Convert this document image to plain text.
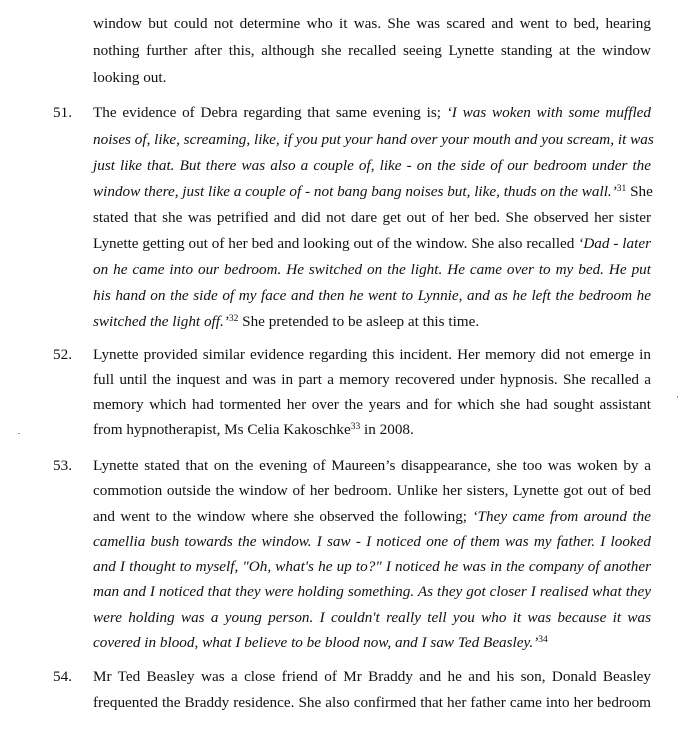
window but could not determine who it was. She was scared and went to bed, hearing
nothing further after this, although she recalled seeing Lynette standing at the window
looking out.
51. The evidence of Debra regarding that same evening is; ‘I was woken with some muffled
noises of, like, screaming, like, if you put your hand over your mouth and you scream, it was
just like that. But there was also a couple of, like - on the side of our bedroom under the
window there, just like a couple of - not bang bang noises but, like, thuds on the wall.’$^{31}$ She
stated that she was petrified and did not dare get out of her bed. She observed her sister
Lynette getting out of her bed and looking out of the window. She also recalled ‘Dad - later
on he came into our bedroom. He switched on the light. He came over to my bed. He put
his hand on the side of my face and then he went to Lynnie, and as he left the bedroom he
switched the light off.’$^{32}$ She pretended to be asleep at this time.
52. Lynette provided similar evidence regarding this incident. Her memory did not emerge in
full until the inquest and was in part a memory recovered under hypnosis. She recalled a
memory which had tormented her over the years and for which she had sought assistant
from hypnotherapist, Ms Celia Kakoschke$^{33}$ in 2008.
53. Lynette stated that on the evening of Maureen’s disappearance, she too was woken by a
commotion outside the window of her bedroom. Unlike her sisters, Lynette got out of bed
and went to the window where she observed the following; ‘They came from around the
camellia bush towards the window. I saw - I noticed one of them was my father. I looked
and I thought to myself, "Oh, what's he up to?" I noticed he was in the company of another
man and I noticed that they were holding something. As they got closer I realised what they
were holding was a young person. I couldn't really tell you who it was because it was
covered in blood, what I believe to be blood now, and I saw Ted Beasley.’$^{34}$
54. Mr Ted Beasley was a close friend of Mr Braddy and he and his son, Donald Beasley
frequented the Braddy residence. She also confirmed that her father came into her bedroom
